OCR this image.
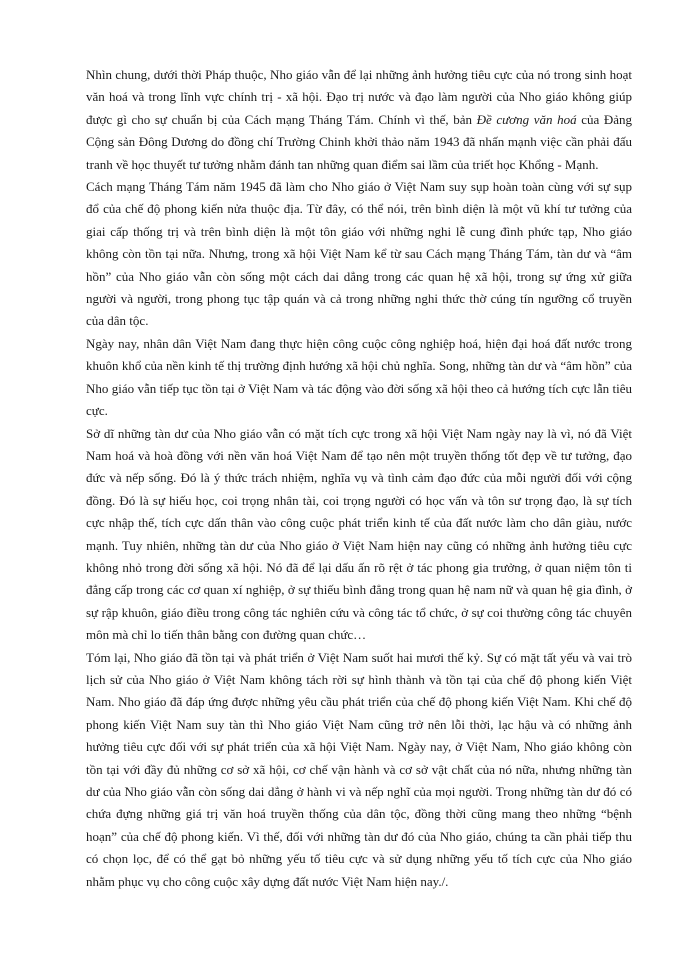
Nhìn chung, dưới thời Pháp thuộc, Nho giáo vẫn để lại những ảnh hưởng tiêu cực của nó trong sinh hoạt văn hoá và trong lĩnh vực chính trị - xã hội. Đạo trị nước và đạo làm người của Nho giáo không giúp được gì cho sự chuẩn bị của Cách mạng Tháng Tám. Chính vì thế, bản Đề cương văn hoá của Đảng Cộng sản Đông Dương do đồng chí Trường Chinh khởi thảo năm 1943 đã nhấn mạnh việc cần phải đấu tranh về học thuyết tư tưởng nhằm đánh tan những quan điểm sai lầm của triết học Khổng - Mạnh.

Cách mạng Tháng Tám năm 1945 đã làm cho Nho giáo ở Việt Nam suy sụp hoàn toàn cùng với sự sụp đổ của chế độ phong kiến nửa thuộc địa. Từ đây, có thể nói, trên bình diện là một vũ khí tư tưởng của giai cấp thống trị và trên bình diện là một tôn giáo với những nghi lễ cung đình phức tạp, Nho giáo không còn tồn tại nữa. Nhưng, trong xã hội Việt Nam kể từ sau Cách mạng Tháng Tám, tàn dư và “âm hồn” của Nho giáo vẫn còn sống một cách dai dẳng trong các quan hệ xã hội, trong sự ứng xử giữa người và người, trong phong tục tập quán và cả trong những nghi thức thờ cúng tín ngưỡng cổ truyền của dân tộc.

Ngày nay, nhân dân Việt Nam đang thực hiện công cuộc công nghiệp hoá, hiện đại hoá đất nước trong khuôn khổ của nền kinh tế thị trường định hướng xã hội chủ nghĩa. Song, những tàn dư và “âm hồn” của Nho giáo vẫn tiếp tục tồn tại ở Việt Nam và tác động vào đời sống xã hội theo cả hướng tích cực lẫn tiêu cực.

Sở dĩ những tàn dư của Nho giáo vẫn có mặt tích cực trong xã hội Việt Nam ngày nay là vì, nó đã Việt Nam hoá và hoà đồng với nền văn hoá Việt Nam để tạo nên một truyền thống tốt đẹp về tư tưởng, đạo đức và nếp sống. Đó là ý thức trách nhiệm, nghĩa vụ và tình cảm đạo đức của mỗi người đối với cộng đồng. Đó là sự hiếu học, coi trọng nhân tài, coi trọng người có học vấn và tôn sư trọng đạo, là sự tích cực nhập thế, tích cực dấn thân vào công cuộc phát triển kinh tế của đất nước làm cho dân giàu, nước mạnh. Tuy nhiên, những tàn dư của Nho giáo ở Việt Nam hiện nay cũng có những ảnh hưởng tiêu cực không nhỏ trong đời sống xã hội. Nó đã để lại dấu ấn rõ rệt ở tác phong gia trưởng, ở quan niệm tôn ti đẳng cấp trong các cơ quan xí nghiệp, ở sự thiếu bình đẳng trong quan hệ nam nữ và quan hệ gia đình, ở sự rập khuôn, giáo điều trong công tác nghiên cứu và công tác tổ chức, ở sự coi thường công tác chuyên môn mà chỉ lo tiến thân bằng con đường quan chức…

Tóm lại, Nho giáo đã tồn tại và phát triển ở Việt Nam suốt hai mươi thế kỷ. Sự có mặt tất yếu và vai trò lịch sử của Nho giáo ở Việt Nam không tách rời sự hình thành và tồn tại của chế độ phong kiến Việt Nam. Nho giáo đã đáp ứng được những yêu cầu phát triển của chế độ phong kiến Việt Nam. Khi chế độ phong kiến Việt Nam suy tàn thì Nho giáo Việt Nam cũng trở nên lỗi thời, lạc hậu và có những ảnh hưởng tiêu cực đối với sự phát triển của xã hội Việt Nam. Ngày nay, ở Việt Nam, Nho giáo không còn tồn tại với đầy đủ những cơ sở xã hội, cơ chế vận hành và cơ sở vật chất của nó nữa, nhưng những tàn dư của Nho giáo vẫn còn sống dai dẳng ở hành vi và nếp nghĩ của mọi người. Trong những tàn dư đó có chứa đựng những giá trị văn hoá truyền thống của dân tộc, đồng thời cũng mang theo những “bệnh hoạn” của chế độ phong kiến. Vì thế, đối với những tàn dư đó của Nho giáo, chúng ta cần phải tiếp thu có chọn lọc, để có thể gạt bỏ những yếu tố tiêu cực và sử dụng những yếu tố tích cực của Nho giáo nhằm phục vụ cho công cuộc xây dựng đất nước Việt Nam hiện nay./.
